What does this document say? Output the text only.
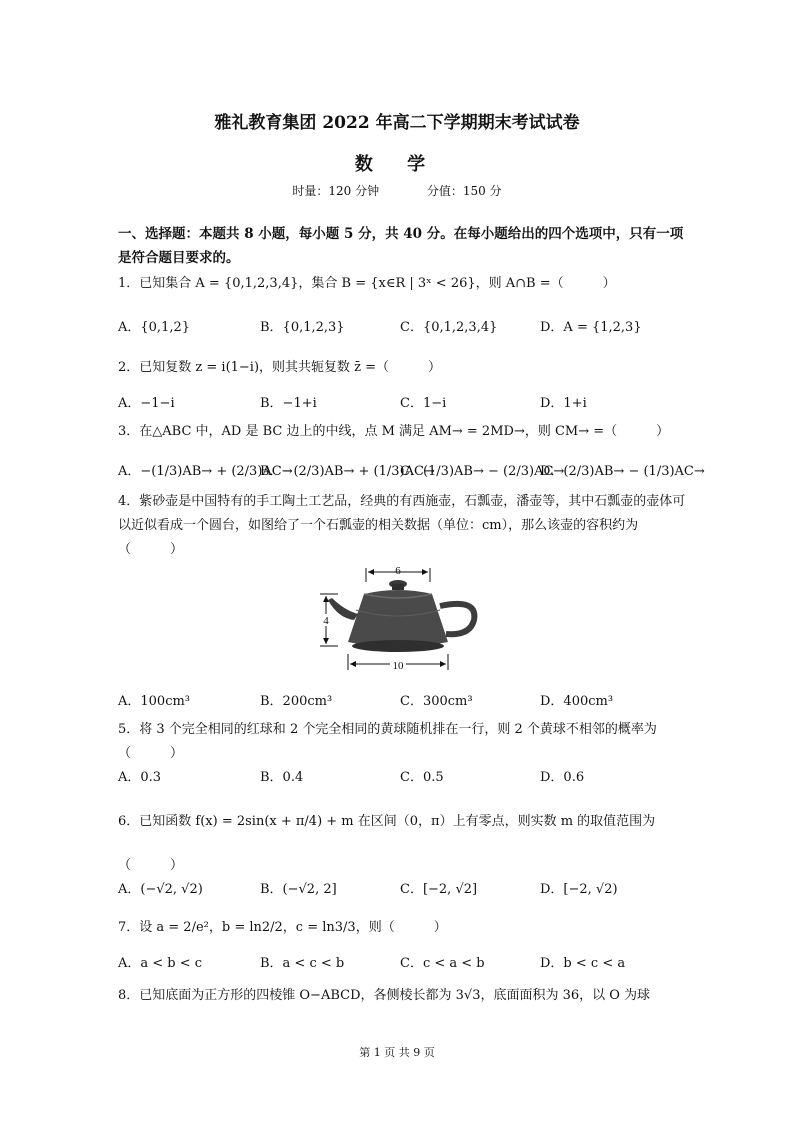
雅礼教育集团 2022 年高二下学期期末考试试卷
数 学
时量：120 分钟	分值：150 分
一、选择题：本题共 8 小题，每小题 5 分，共 40 分。在每小题给出的四个选项中，只有一项是符合题目要求的。
1．已知集合 A = {0,1,2,3,4}，集合 B = {x∈R | 3ˣ < 26}，则 A∩B =（　　　）
A．{0,1,2}	B．{0,1,2,3}	C．{0,1,2,3,4}	D．A = {1,2,3}
2．已知复数 z = i(1−i)，则其共轭复数 z̄ =（　　　）
A．−1−i	B．−1+i	C．1−i	D．1+i
3．在△ABC 中，AD 是 BC 边上的中线，点 M 满足 AM→ = 2MD→，则 CM→ =（　　　）
A．−(1/3)AB→ + (2/3)AC→
B．−(2/3)AB→ + (1/3)AC→
C．(1/3)AB→ − (2/3)AC→
D．(2/3)AB→ − (1/3)AC→
4．紫砂壶是中国特有的手工陶土工艺品，经典的有西施壶，石瓢壶，潘壶等，其中石瓢壶的壶体可以近似看成一个圆台，如图给了一个石瓢壶的相关数据（单位：cm），那么该壶的容积约为（　　　）
6
4
10
A．100cm³	B．200cm³	C．300cm³	D．400cm³
5．将 3 个完全相同的红球和 2 个完全相同的黄球随机排在一行，则 2 个黄球不相邻的概率为（　　　）
A．0.3	B．0.4	C．0.5	D．0.6
6．已知函数 f(x) = 2sin(x + π/4) + m 在区间（0，π）上有零点，则实数 m 的取值范围为（　　　）
A．(−√2, √2)	B．(−√2, 2]	C．[−2, √2]	D．[−2, √2)
7．设 a = 2/e²，b = ln2/2，c = ln3/3，则（　　　）
A．a < b < c	B．a < c < b	C．c < a < b	D．b < c < a
8．已知底面为正方形的四棱锥 O−ABCD，各侧棱长都为 3√3，底面面积为 36，以 O 为球
第 1 页 共 9 页
